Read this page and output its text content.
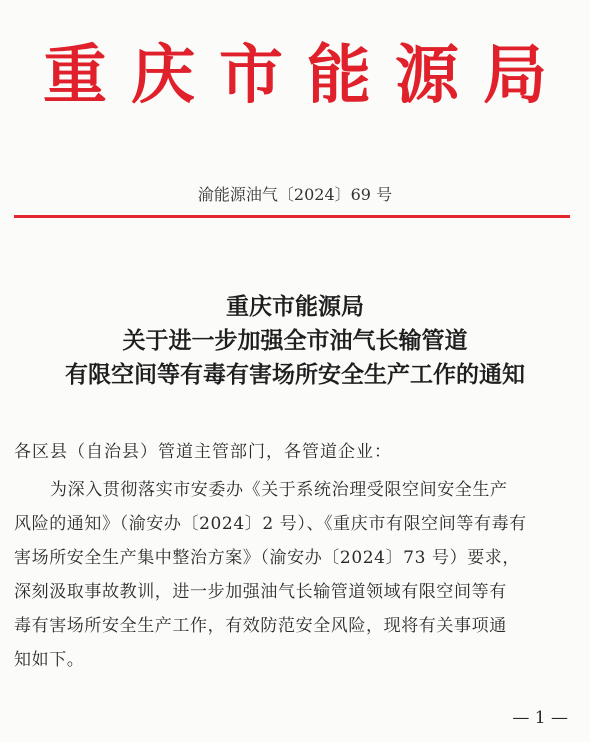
重庆市能源局
渝能源油气〔2024〕69 号
重庆市能源局
关于进一步加强全市油气长输管道
有限空间等有毒有害场所安全生产工作的通知
各区县（自治县）管道主管部门，各管道企业：
为深入贯彻落实市安委办《关于系统治理受限空间安全生产
风险的通知》（渝安办〔2024〕2 号）、《重庆市有限空间等有毒有
害场所安全生产集中整治方案》（渝安办〔2024〕73 号）要求，
深刻汲取事故教训，进一步加强油气长输管道领域有限空间等有
毒有害场所安全生产工作，有效防范安全风险，现将有关事项通
知如下。
— 1 —
